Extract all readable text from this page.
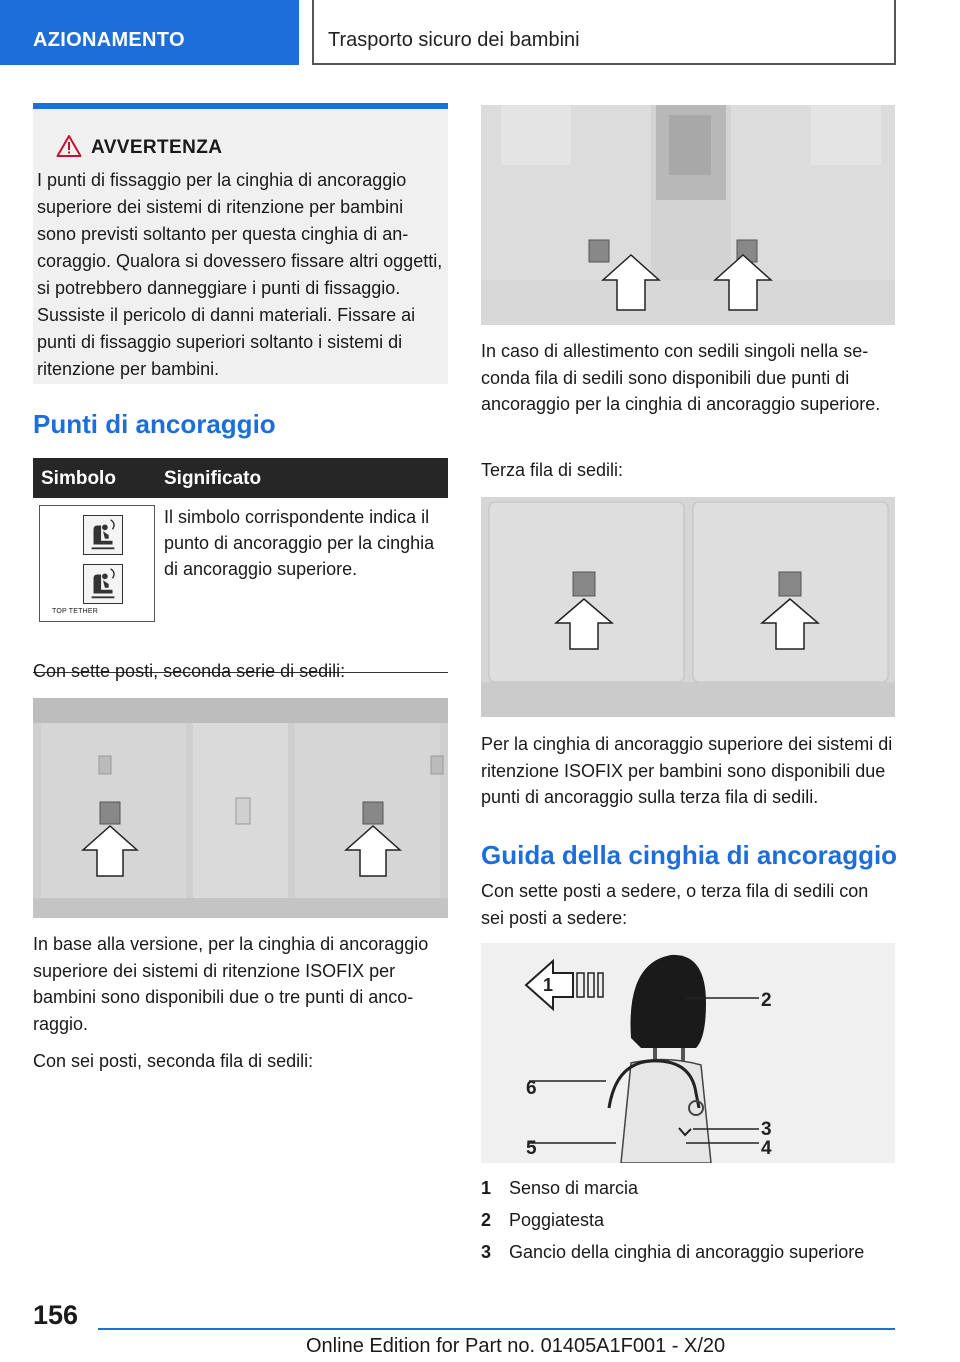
AZIONAMENTO	Trasporto sicuro dei bambini
AVVERTENZA
I punti di fissaggio per la cinghia di ancoraggio superiore dei sistemi di ritenzione per bambini sono previsti soltanto per questa cinghia di ancoraggio. Qualora si dovessero fissare altri oggetti, si potrebbero danneggiare i punti di fissaggio. Sussiste il pericolo di danni materiali. Fissare ai punti di fissaggio superiori soltanto i sistemi di ritenzione per bambini.
Punti di ancoraggio
Simbolo	Significato
TOP TETHER
Il simbolo corrispondente indica il punto di ancoraggio per la cinghia di ancoraggio superiore.
Con sette posti, seconda serie di sedili:
In base alla versione, per la cinghia di ancoraggio superiore dei sistemi di ritenzione ISOFIX per bambini sono disponibili due o tre punti di ancoraggio.
Con sei posti, seconda fila di sedili:
In caso di allestimento con sedili singoli nella seconda fila di sedili sono disponibili due punti di ancoraggio per la cinghia di ancoraggio superiore.
Terza fila di sedili:
Per la cinghia di ancoraggio superiore dei sistemi di ritenzione ISOFIX per bambini sono disponibili due punti di ancoraggio sulla terza fila di sedili.
Guida della cinghia di ancoraggio
Con sette posti a sedere, o terza fila di sedili con sei posti a sedere:
1
2
3
4
5
6
1 Senso di marcia
2 Poggiatesta
3 Gancio della cinghia di ancoraggio superiore
156
Online Edition for Part no. 01405A1F001 - X/20
